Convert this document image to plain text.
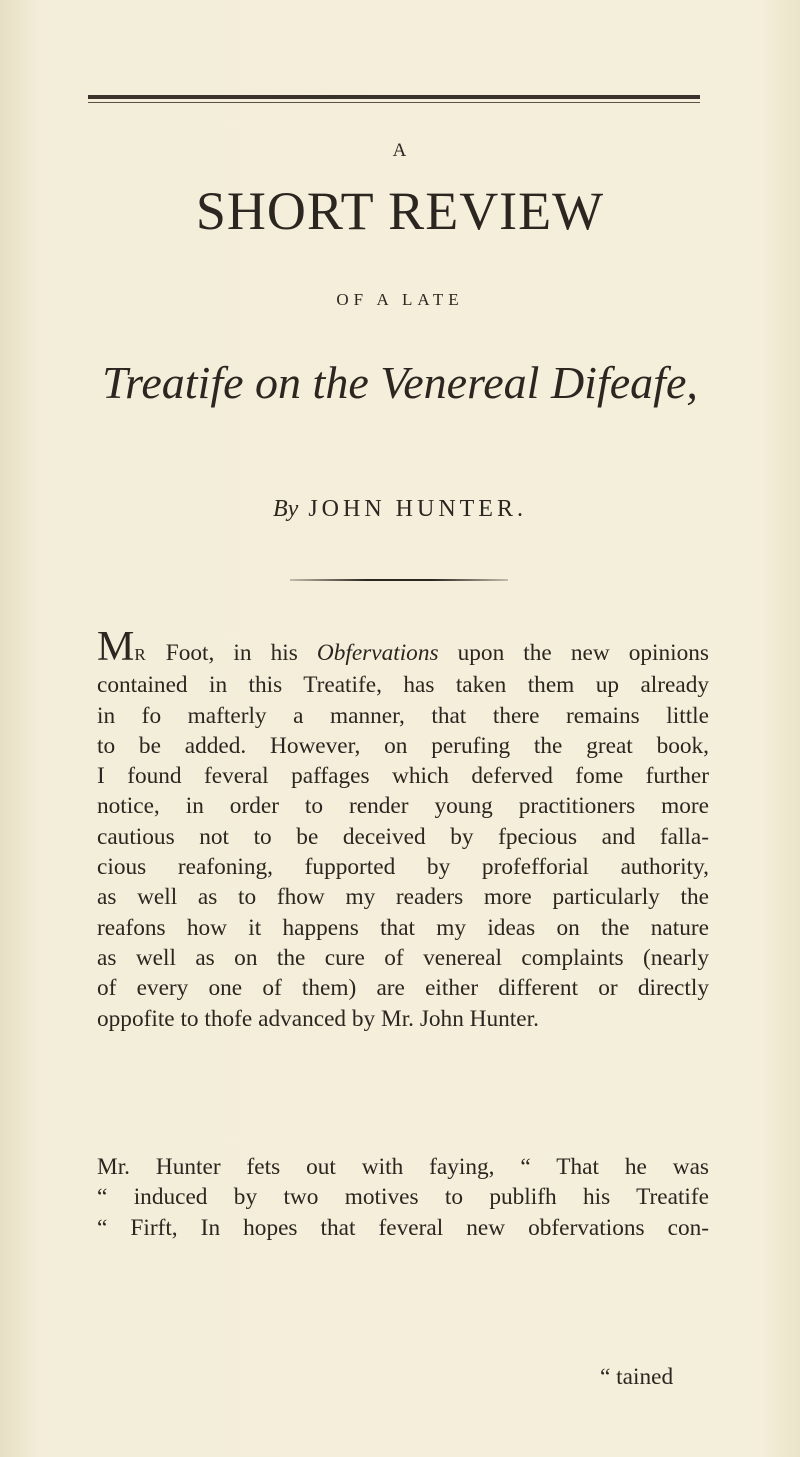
A
SHORT REVIEW
OF A LATE
Treatife on the Venereal Difeafe,
By JOHN HUNTER.
MR Foot, in his Obfervations upon the new opinions
contained in this Treatife, has taken them up already
in fo mafterly a manner, that there remains little
to be added. However, on perufing the great book,
I found feveral paffages which deferved fome further
notice, in order to render young practitioners more
cautious not to be deceived by fpecious and falla-
cious reafoning, fupported by profefforial authority,
as well as to fhow my readers more particularly the
reafons how it happens that my ideas on the nature
as well as on the cure of venereal complaints (nearly
of every one of them) are either different or directly
oppofite to thofe advanced by Mr. John Hunter.
Mr. Hunter fets out with faying, “ That he was
“ induced by two motives to publifh his Treatife
“ Firft, In hopes that feveral new obfervations con-
“ tained
